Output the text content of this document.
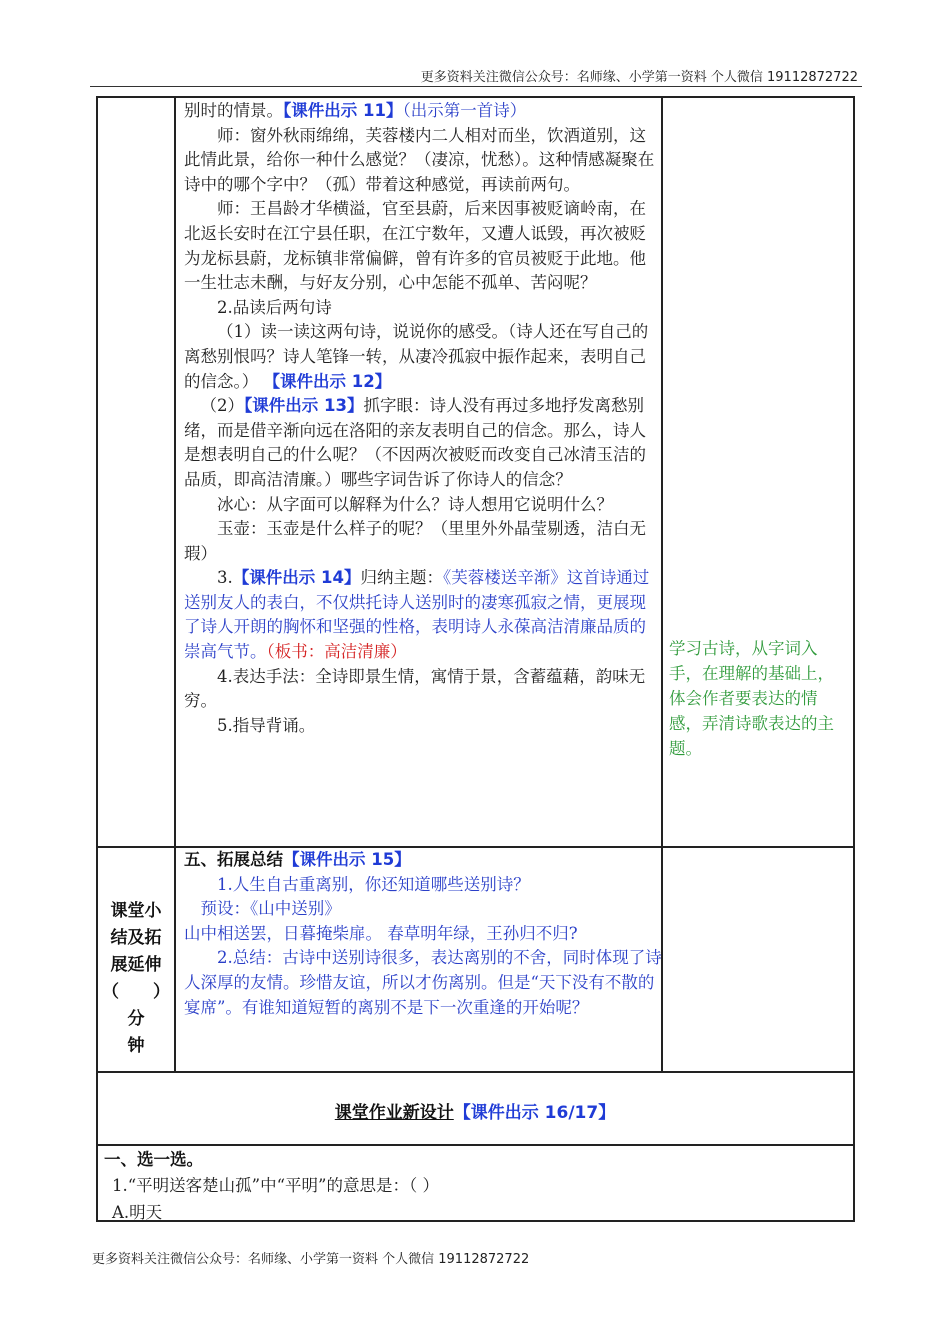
更多资料关注微信公众号：名师缘、小学第一资料 个人微信 19112872722

别时的情景。【课件出示 11】（出示第一首诗）

师：窗外秋雨绵绵，芙蓉楼内二人相对而坐，饮酒道别，这此情此景，给你一种什么感觉？（凄凉，忧愁）。这种情感凝聚在诗中的哪个字中？（孤）带着这种感觉，再读前两句。

师：王昌龄才华横溢，官至县蔚，后来因事被贬谪岭南，在北返长安时在江宁县任职，在江宁数年，又遭人诋毁，再次被贬为龙标县蔚，龙标镇非常偏僻，曾有许多的官员被贬于此地。他一生壮志未酬，与好友分别，心中怎能不孤单、苦闷呢？

2.品读后两句诗

（1）读一读这两句诗，说说你的感受。（诗人还在写自己的离愁别恨吗？诗人笔锋一转，从凄冷孤寂中振作起来，表明自己的信念。） 【课件出示 12】

（2）【课件出示 13】抓字眼：诗人没有再过多地抒发离愁别绪，而是借辛渐向远在洛阳的亲友表明自己的信念。那么，诗人是想表明自己的什么呢？（不因两次被贬而改变自己冰清玉洁的品质，即高洁清廉。）哪些字词告诉了你诗人的信念？

冰心：从字面可以解释为什么？诗人想用它说明什么？

玉壶：玉壶是什么样子的呢？（里里外外晶莹剔透，洁白无瑕）

3.【课件出示 14】归纳主题：《芙蓉楼送辛渐》这首诗通过送别友人的表白，不仅烘托诗人送别时的凄寒孤寂之情，更展现了诗人开朗的胸怀和坚强的性格，表明诗人永葆高洁清廉品质的崇高气节。（板书：高洁清廉）

4.表达手法：全诗即景生情，寓情于景，含蓄蕴藉，韵味无穷。

5.指导背诵。

学习古诗，从字词入手，在理解的基础上，体会作者要表达的情感，弄清诗歌表达的主题。
课堂小
结及拓
展延伸
（　　）分
钟

五、拓展总结【课件出示 15】

1.人生自古重离别，你还知道哪些送别诗？

预设：《山中送别》

山中相送罢，日暮掩柴扉。 春草明年绿，王孙归不归?

2.总结：古诗中送别诗很多，表达离别的不舍，同时体现了诗人深厚的友情。珍惜友谊，所以才伤离别。但是“天下没有不散的宴席”。有谁知道短暂的离别不是下一次重逢的开始呢？

课堂作业新设计【课件出示 16/17】
一、选一选。
1.“平明送客楚山孤”中“平明”的意思是：（ ）
A.明天
更多资料关注微信公众号：名师缘、小学第一资料 个人微信 19112872722
